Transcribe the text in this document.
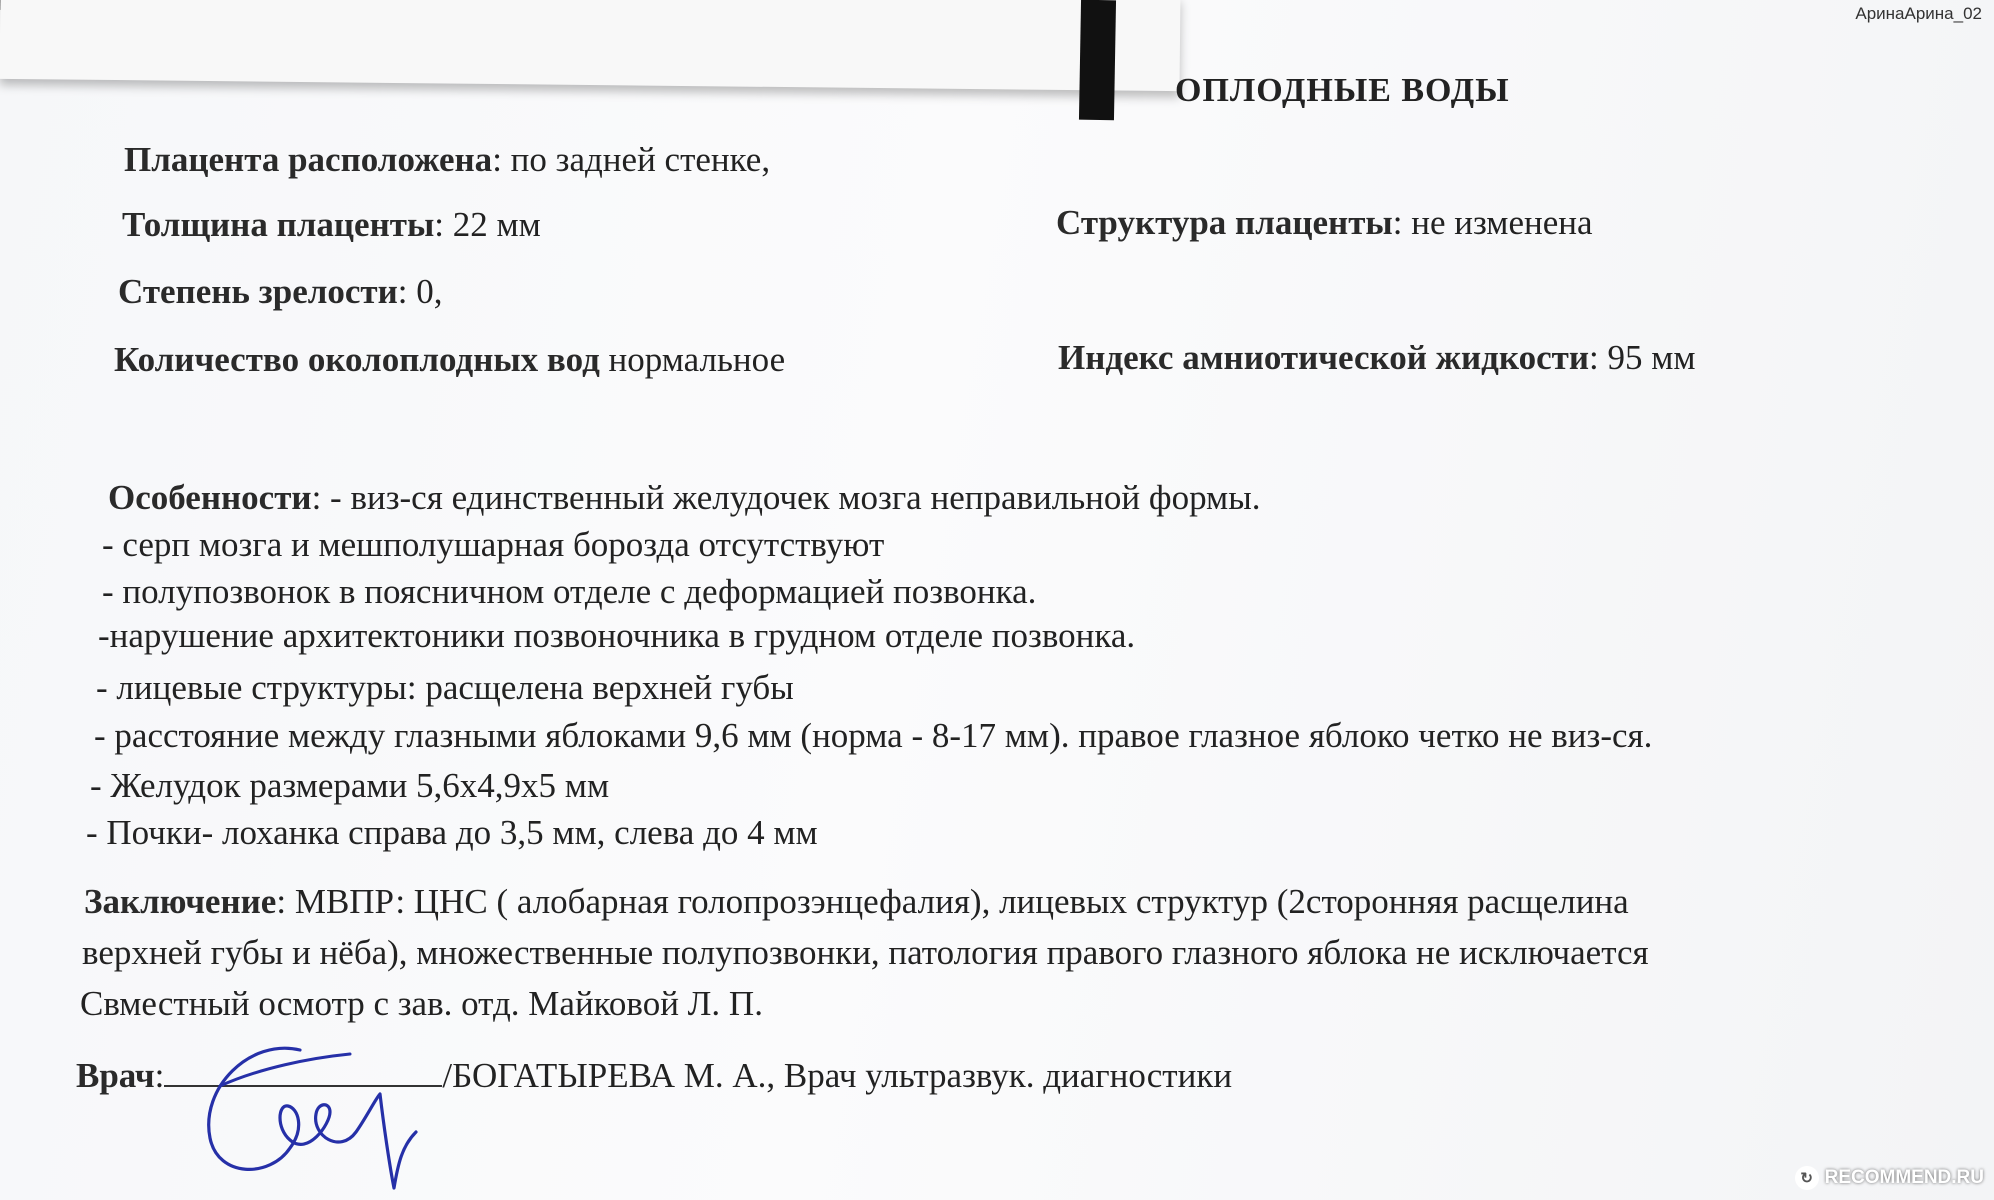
АринаАрина_02
ОПЛОДНЫЕ ВОДЫ
Плацента расположена: по задней стенке,
Толщина плаценты: 22 мм	Структура плаценты: не изменена
Степень зрелости: 0,
Количество околоплодных вод нормальное	Индекс амниотической жидкости: 95 мм
Особенности: - виз-ся единственный желудочек мозга неправильной формы.
- серп мозга и мешполушарная борозда отсутствуют
- полупозвонок в поясничном отделе с деформацией позвонка.
-нарушение архитектоники позвоночника в грудном отделе позвонка.
- лицевые структуры: расщелена верхней губы
- расстояние между глазными яблоками 9,6 мм (норма - 8-17 мм). правое глазное яблоко четко не виз-ся.
- Желудок размерами 5,6х4,9х5 мм
- Почки- лоханка справа до 3,5 мм, слева до 4 мм
Заключение: МВПР: ЦНС ( алобарная голопрозэнцефалия), лицевых структур (2сторонняя расщелина
верхней губы и нёба), множественные полупозвонки, патология правого глазного яблока не исключается
Свместный осмотр с зав. отд. Майковой Л. П.
Врач:	/БОГАТЫРЕВА М. А., Врач ультразвук. диагностики
↻ RECOMMEND.RU
